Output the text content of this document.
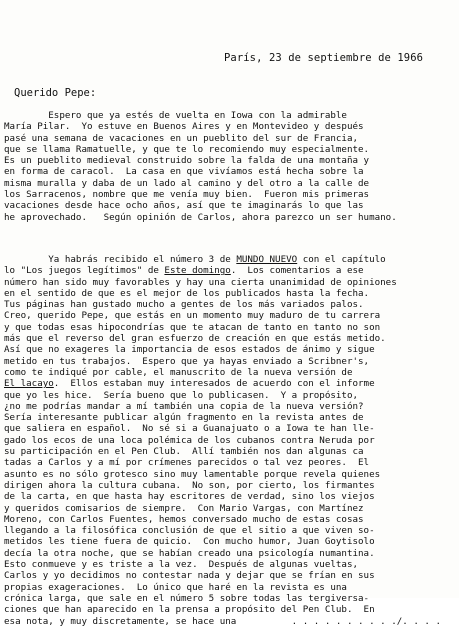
París, 23 de septiembre de 1966
Querido Pepe:
Espero que ya estés de vuelta en Iowa con la admirable
María Pilar.  Yo estuve en Buenos Aires y en Montevideo y después
pasé una semana de vacaciones en un pueblito del sur de Francia,
que se llama Ramatuelle, y que te lo recomiendo muy especialmente.
Es un pueblito medieval construido sobre la falda de una montaña y
en forma de caracol.  La casa en que vivíamos está hecha sobre la
misma muralla y daba de un lado al camino y del otro a la calle de
los Sarracenos, nombre que me venía muy bien.  Fueron mis primeras
vacaciones desde hace ocho años, así que te imaginarás lo que las
he aprovechado.   Según opinión de Carlos, ahora parezco un ser humano.
Ya habrás recibido el número 3 de MUNDO NUEVO con el capítulo
lo "Los juegos legítimos" de Este domingo.  Los comentarios a ese
número han sido muy favorables y hay una cierta unanimidad de opiniones
en el sentido de que es el mejor de los publicados hasta la fecha.
Tus páginas han gustado mucho a gentes de los más variados palos.
Creo, querido Pepe, que estás en un momento muy maduro de tu carrera
y que todas esas hipocondrías que te atacan de tanto en tanto no son
más que el reverso del gran esfuerzo de creación en que estás metido.
Así que no exageres la importancia de esos estados de ánimo y sigue
metido en tus trabajos.  Espero que ya hayas enviado a Scribner's,
como te indiqué por cable, el manuscrito de la nueva versión de
El lacayo.  Ellos estaban muy interesados de acuerdo con el informe
que yo les hice.  Sería bueno que lo publicasen.  Y a propósito,
¿no me podrías mandar a mí también una copia de la nueva versión?
Sería interesante publicar algún fragmento en la revista antes de
que saliera en español.  No sé si a Guanajuato o a Iowa te han lle-
gado los ecos de una loca polémica de los cubanos contra Neruda por
su participación en el Pen Club.  Allí también nos dan algunas ca
tadas a Carlos y a mí por crímenes parecidos o tal vez peores.  El
asunto es no sólo grotesco sino muy lamentable porque revela quienes
dirigen ahora la cultura cubana.  No son, por cierto, los firmantes
de la carta, en que hasta hay escritores de verdad, sino los viejos
y queridos comisarios de siempre.  Con Mario Vargas, con Martínez
Moreno, con Carlos Fuentes, hemos conversado mucho de estas cosas
llegando a la filosófica conclusión de que el sitio a que viven so-
metidos les tiene fuera de quicio.  Con mucho humor, Juan Goytisolo
decía la otra noche, que se habían creado una psicología numantina.
Esto conmueve y es triste a la vez.  Después de algunas vueltas,
Carlos y yo decidimos no contestar nada y dejar que se frían en sus
propias exageraciones.  Lo único que haré en la revista es una
crónica larga, que sale en el número 5 sobre todas las tergiversa-
ciones que han aparecido en la prensa a propósito del Pen Club.  En
esa nota, y muy discretamente, se hace una          . . . . . . . . . ./. . . .
